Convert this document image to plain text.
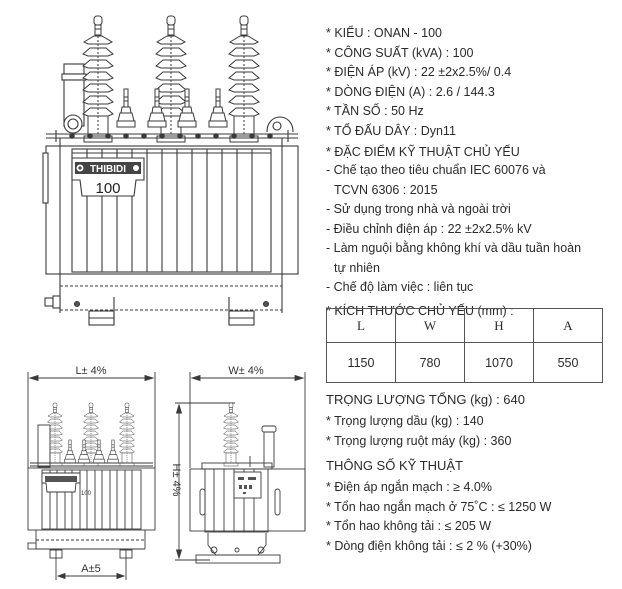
THIBIDI
100
L± 4%
A±5
100
W± 4%
H± 4%
* KIỂU : ONAN - 100
* CÔNG SUẤT (kVA) : 100
* ĐIỆN ÁP (kV) : 22 ±2x2.5%/ 0.4
* DÒNG ĐIỆN (A) : 2.6 / 144.3
* TẦN SỐ : 50 Hz
* TỔ ĐẤU DÂY : Dyn11
* ĐẶC ĐIỂM KỸ THUẬT CHỦ YẾU
- Chế tạo theo tiêu chuẩn IEC 60076 và
TCVN 6306 : 2015
- Sử dụng trong nhà và ngoài trời
- Điều chỉnh điện áp : 22 ±2x2.5% kV
- Làm nguội bằng không khí và dầu tuần hoàn
tự nhiên
- Chế độ làm việc : liên tục
* KÍCH THƯỚC CHỦ YẾU (mm) :
L	W	H	A
1150	780	1070	550
TRỌNG LƯỢNG TỔNG (kg) : 640
* Trọng lượng dầu (kg) : 140
* Trọng lượng ruột máy (kg) : 360
THÔNG SỐ KỸ THUẬT
* Điện áp ngắn mạch : ≥ 4.0%
* Tổn hao ngắn mạch ở 75˚C : ≤ 1250 W
* Tổn hao không tải : ≤ 205 W
* Dòng điện không tải : ≤ 2 % (+30%)
